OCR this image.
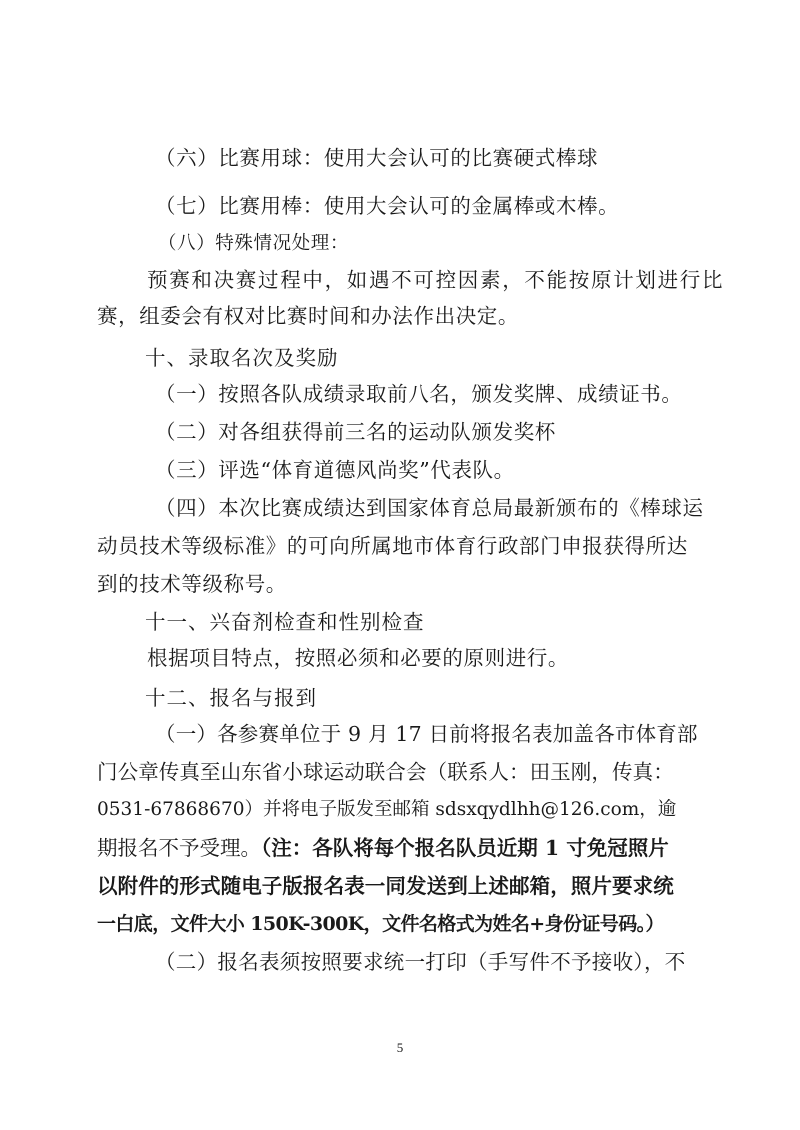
（六）比赛用球：使用大会认可的比赛硬式棒球
（七）比赛用棒：使用大会认可的金属棒或木棒。
（八）特殊情况处理：
预赛和决赛过程中，如遇不可控因素，不能按原计划进行比
赛，组委会有权对比赛时间和办法作出决定。
十、录取名次及奖励
（一）按照各队成绩录取前八名，颁发奖牌、成绩证书。
（二）对各组获得前三名的运动队颁发奖杯
（三）评选“体育道德风尚奖”代表队。
（四）本次比赛成绩达到国家体育总局最新颁布的《棒球运
动员技术等级标准》的可向所属地市体育行政部门申报获得所达
到的技术等级称号。
十一、兴奋剂检查和性别检查
根据项目特点，按照必须和必要的原则进行。
十二、报名与报到
（一）各参赛单位于 9 月 17 日前将报名表加盖各市体育部
门公章传真至山东省小球运动联合会（联系人：田玉刚，传真：
0531-67868670）并将电子版发至邮箱 sdsxqydlhh@126.com，逾
期报名不予受理。（注：各队将每个报名队员近期 1 寸免冠照片
以附件的形式随电子版报名表一同发送到上述邮箱，照片要求统
一白底，文件大小 150K-300K，文件名格式为姓名+身份证号码。）
（二）报名表须按照要求统一打印（手写件不予接收），不
5
